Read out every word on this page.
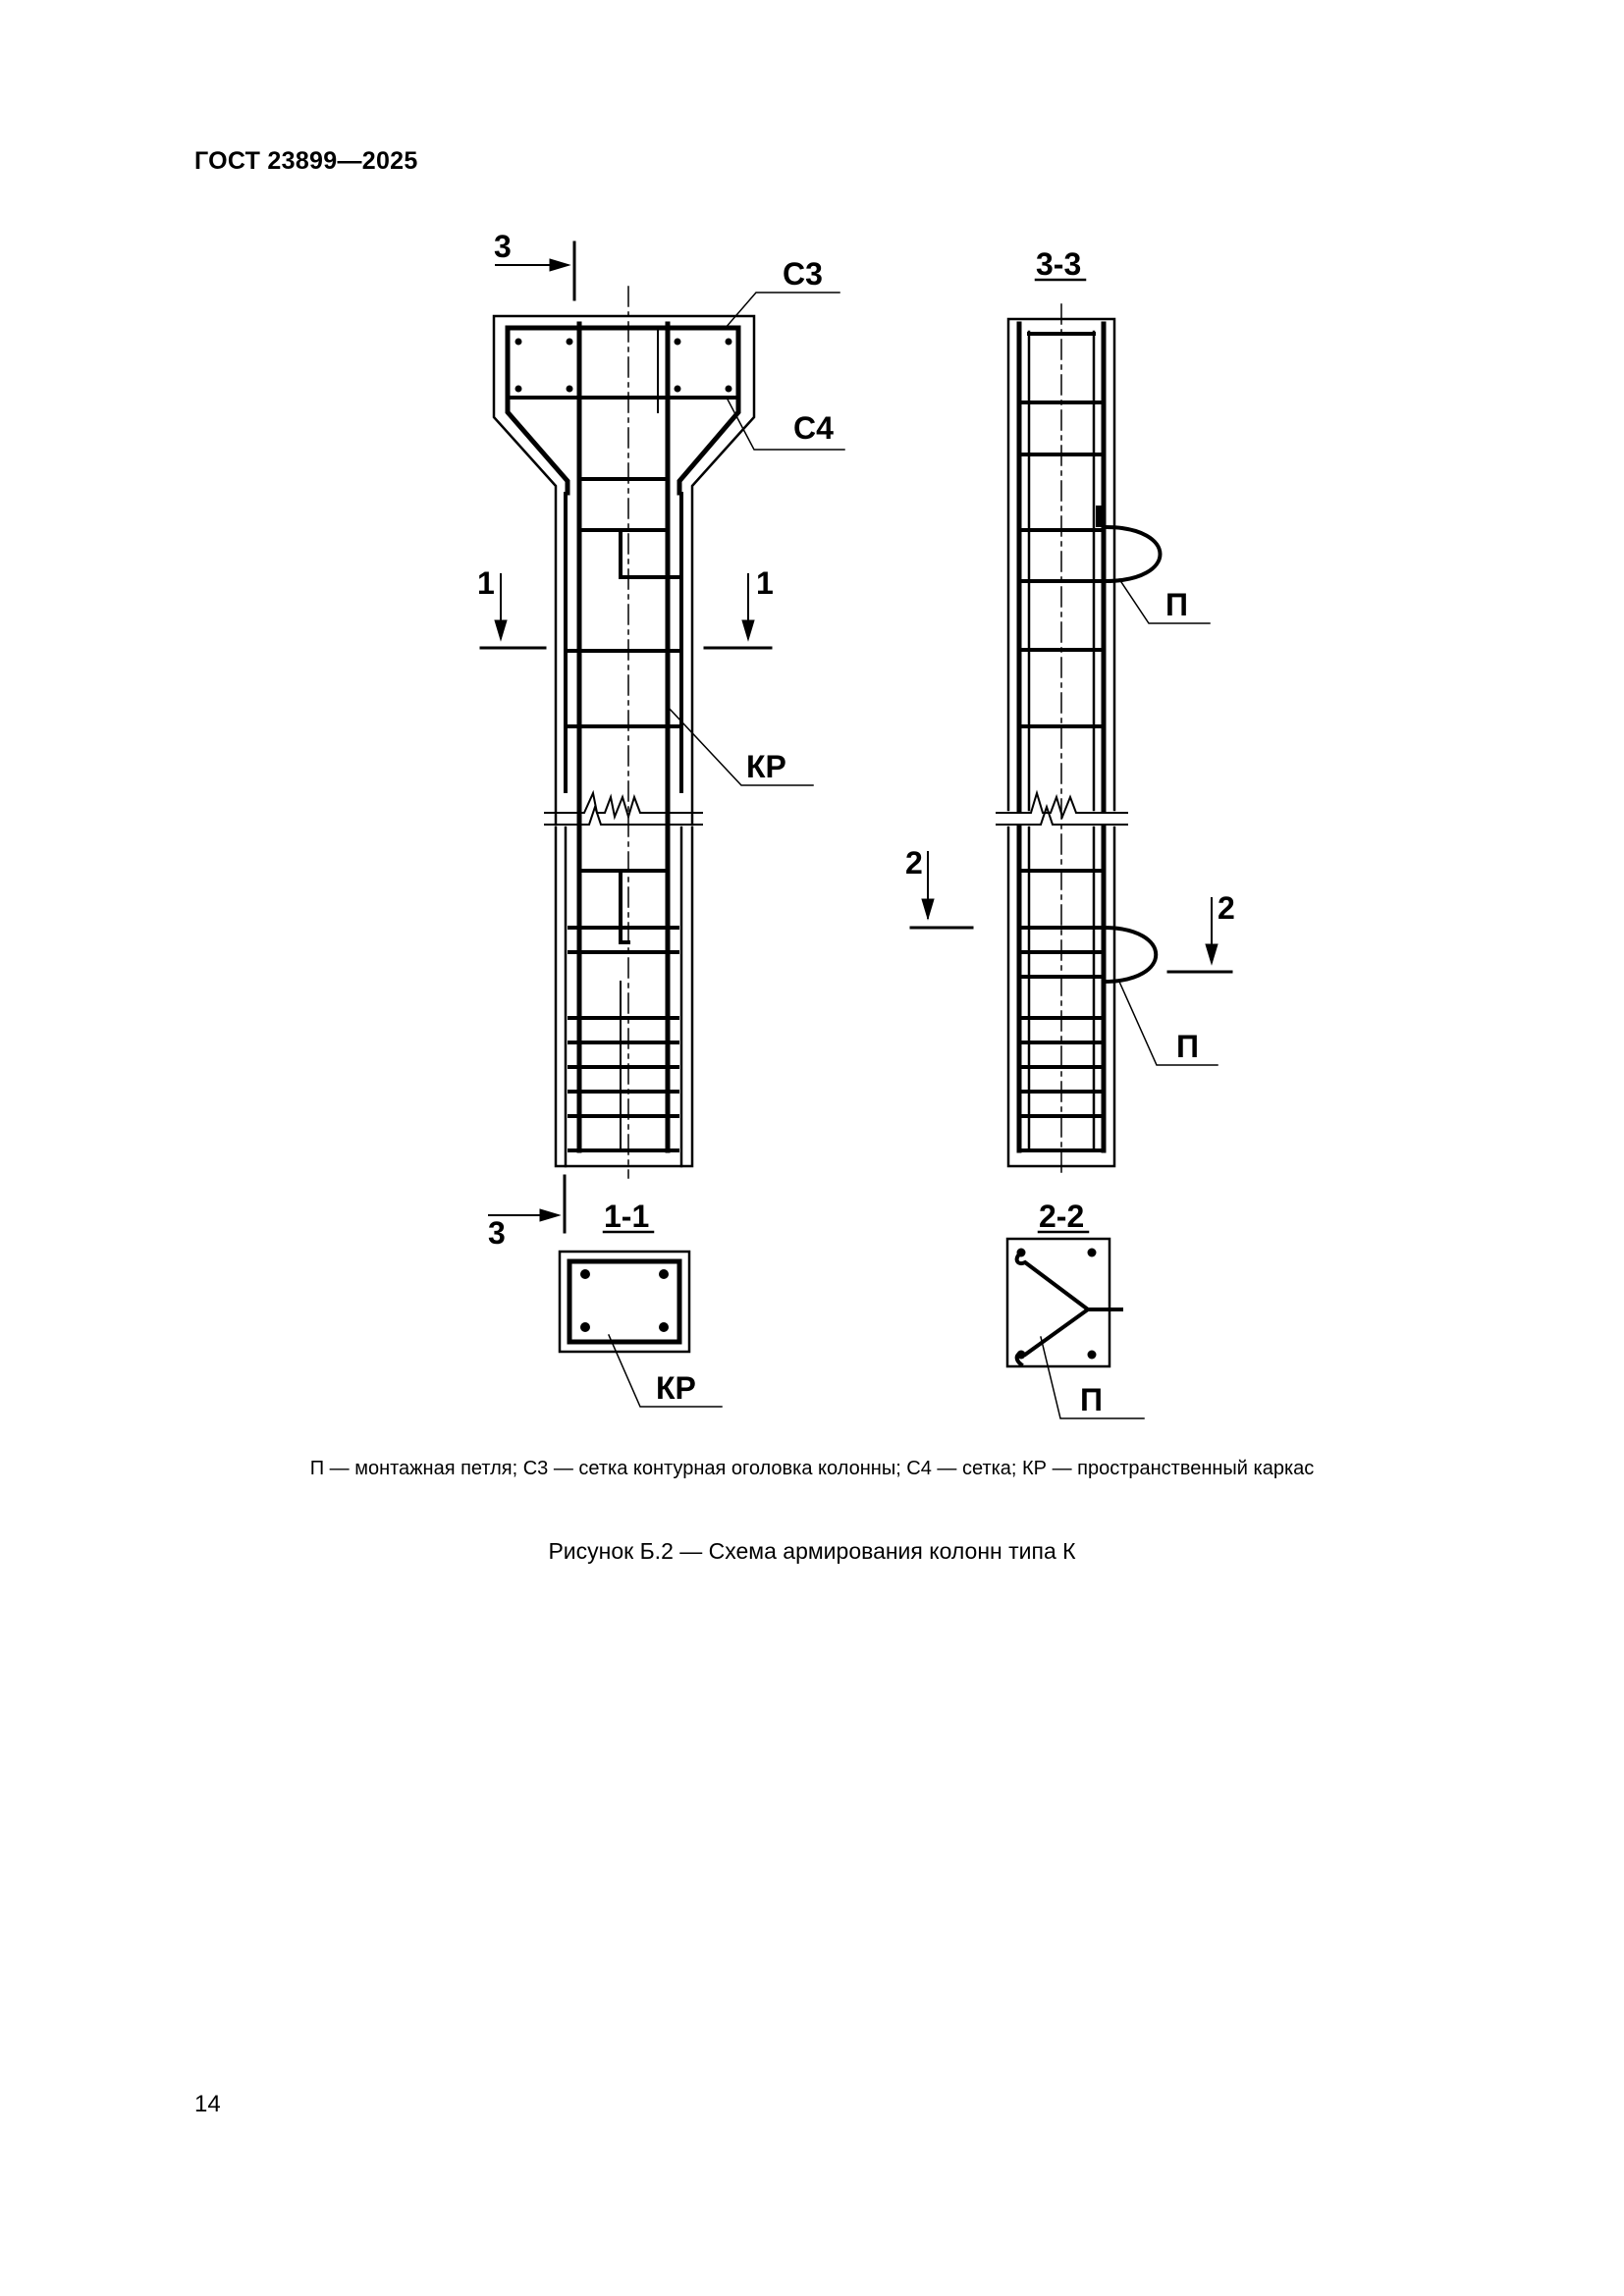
ГОСТ 23899—2025
3
3
1	1
2
2
С3
С4
КР
КР
П
П
П
3-3
1-1	2-2
П — монтажная петля; С3 — сетка контурная оголовка колонны; С4 — сетка; КР — пространственный каркас
Рисунок Б.2 — Схема армирования колонн типа К
14
